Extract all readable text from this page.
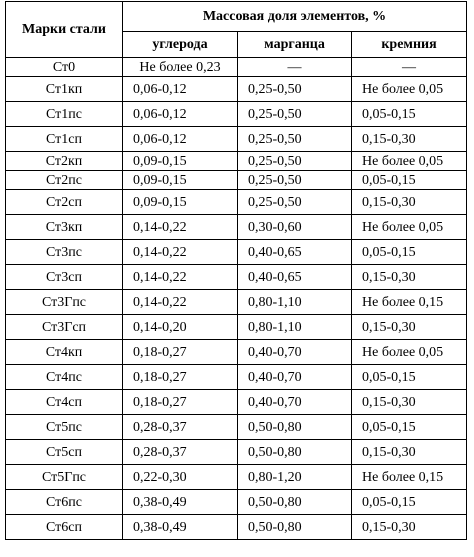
Марки стали	Массовая доля элементов, %		
	углерода	марганца	кремния
Ст0	Не более 0,23	—	—
Ст1кп	0,06-0,12	0,25-0,50	Не более 0,05
Ст1пс	0,06-0,12	0,25-0,50	0,05-0,15
Ст1сп	0,06-0,12	0,25-0,50	0,15-0,30
Ст2кп	0,09-0,15	0,25-0,50	Не более 0,05
Ст2пс	0,09-0,15	0,25-0,50	0,05-0,15
Ст2сп	0,09-0,15	0,25-0,50	0,15-0,30
Ст3кп	0,14-0,22	0,30-0,60	Не более 0,05
Ст3пс	0,14-0,22	0,40-0,65	0,05-0,15
Ст3сп	0,14-0,22	0,40-0,65	0,15-0,30
Ст3Гпс	0,14-0,22	0,80-1,10	Не более 0,15
Ст3Гсп	0,14-0,20	0,80-1,10	0,15-0,30
Ст4кп	0,18-0,27	0,40-0,70	Не более 0,05
Ст4пс	0,18-0,27	0,40-0,70	0,05-0,15
Ст4сп	0,18-0,27	0,40-0,70	0,15-0,30
Ст5пс	0,28-0,37	0,50-0,80	0,05-0,15
Ст5сп	0,28-0,37	0,50-0,80	0,15-0,30
Ст5Гпс	0,22-0,30	0,80-1,20	Не более 0,15
Ст6пс	0,38-0,49	0,50-0,80	0,05-0,15
Ст6сп	0,38-0,49	0,50-0,80	0,15-0,30
